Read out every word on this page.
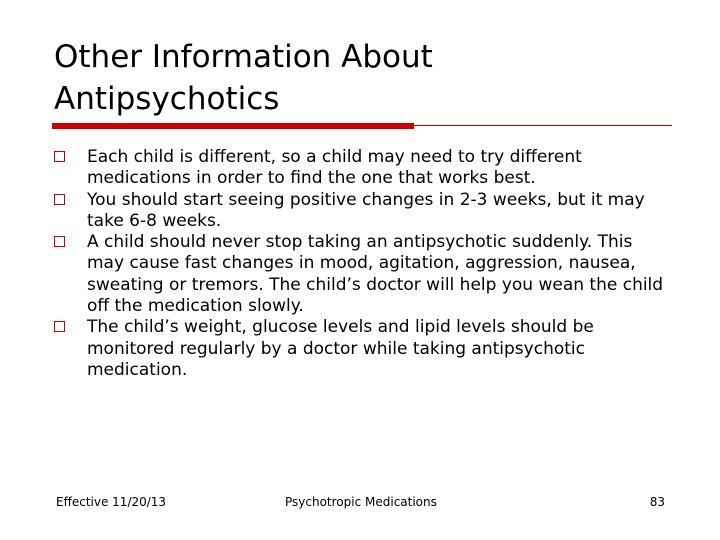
Other Information About
Antipsychotics
Each child is different, so a child may need to try different medications in order to find the one that works best.
You should start seeing positive changes in 2-3 weeks, but it may take 6-8 weeks.
A child should never stop taking an antipsychotic suddenly. This may cause fast changes in mood, agitation, aggression, nausea, sweating or tremors. The child’s doctor will help you wean the child off the medication slowly.
The child’s weight, glucose levels and lipid levels should be monitored regularly by a doctor while taking antipsychotic medication.
Effective 11/20/13	Psychotropic Medications	83
